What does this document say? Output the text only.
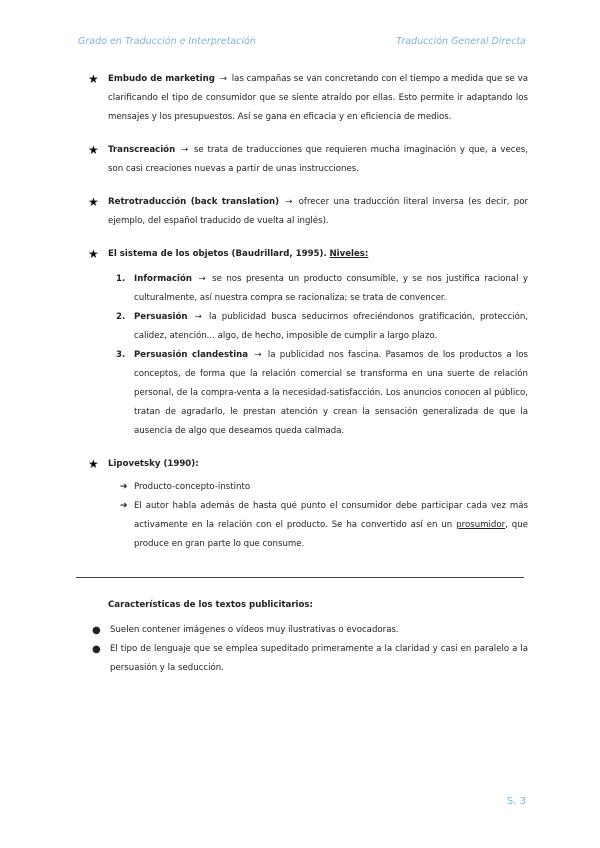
Grado en Traducción e Interpretación	Traducción General Directa
★ Embudo de marketing → las campañas se van concretando con el tiempo a medida que se va clarificando el tipo de consumidor que se siente atraído por ellas. Esto permite ir adaptando los mensajes y los presupuestos. Así se gana en eficacia y en eficiencia de medios.
★ Transcreación → se trata de traducciones que requieren mucha imaginación y que, a veces, son casi creaciones nuevas a partir de unas instrucciones.
★ Retrotraducción (back translation) → ofrecer una traducción literal inversa (es decir, por ejemplo, del español traducido de vuelta al inglés).
★ El sistema de los objetos (Baudrillard, 1995). Niveles:
1. Información → se nos presenta un producto consumible, y se nos justifica racional y culturalmente, así nuestra compra se racionaliza; se trata de convencer.
2. Persuasión → la publicidad busca seducirnos ofreciéndonos gratificación, protección, calidez, atención... algo, de hecho, imposible de cumplir a largo plazo.
3. Persuasión clandestina → la publicidad nos fascina. Pasamos de los productos a los conceptos, de forma que la relación comercial se transforma en una suerte de relación personal, de la compra-venta a la necesidad-satisfacción. Los anuncios conocen al público, tratan de agradarlo, le prestan atención y crean la sensación generalizada de que la ausencia de algo que deseamos queda calmada.
★ Lipovetsky (1990):
➔ Producto-concepto-instinto
➔ El autor habla además de hasta qué punto el consumidor debe participar cada vez más activamente en la relación con el producto. Se ha convertido así en un prosumidor, que produce en gran parte lo que consume.
Características de los textos publicitarios:
● Suelen contener imágenes o vídeos muy ilustrativas o evocadoras.
● El tipo de lenguaje que se emplea supeditado primeramente a la claridad y casi en paralelo a la persuasión y la seducción.
S. 3
